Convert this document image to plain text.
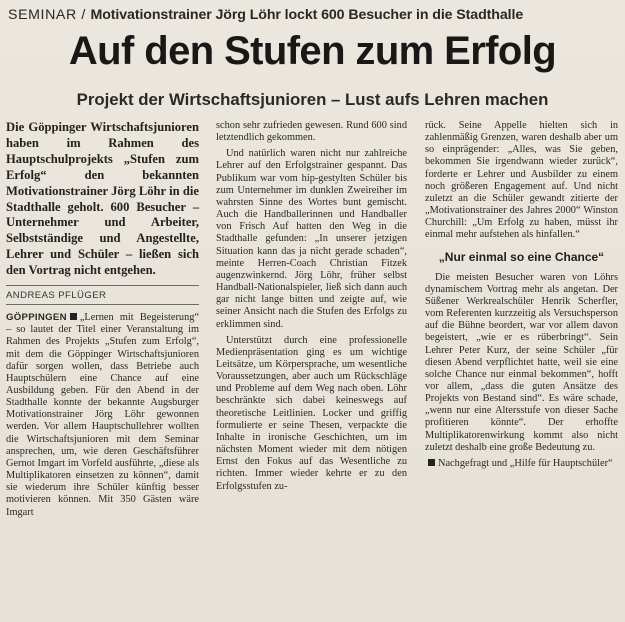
SEMINAR / Motivationstrainer Jörg Löhr lockt 600 Besucher in die Stadthalle
Auf den Stufen zum Erfolg
Projekt der Wirtschaftsjunioren – Lust aufs Lehren machen

Die Göppinger Wirtschaftsjunioren haben im Rahmen des Hauptschulprojekts „Stufen zum Erfolg“ den bekannten Motivationstrainer Jörg Löhr in die Stadthalle geholt. 600 Besucher – Unternehmer und Arbeiter, Selbstständige und Angestellte, Lehrer und Schüler – ließen sich den Vortrag nicht entgehen.

ANDREAS PFLÜGER

GÖPPINGEN „Lernen mit Begeisterung“ – so lautet der Titel einer Veranstaltung im Rahmen des Projekts „Stufen zum Erfolg“, mit dem die Göppinger Wirtschaftsjunioren dafür sorgen wollen, dass Betriebe auch Hauptschülern eine Chance auf eine Ausbildung geben. Für den Abend in der Stadthalle konnte der bekannte Augsburger Motivationstrainer Jörg Löhr gewonnen werden. Vor allem Hauptschullehrer wollten die Wirtschaftsjunioren mit dem Seminar ansprechen, um, wie deren Geschäftsführer Gernot Imgart im Vorfeld ausführte, „diese als Multiplikatoren einsetzen zu können“, damit sie wiederum ihre Schüler künftig besser motivieren können. Mit 350 Gästen wäre Imgart

schon sehr zufrieden gewesen. Rund 600 sind letztendlich gekommen.

Und natürlich waren nicht nur zahlreiche Lehrer auf den Erfolgstrainer gespannt. Das Publikum war vom hip-gestylten Schüler bis zum Unternehmer im dunklen Zweireiher im wahrsten Sinne des Wortes bunt gemischt. Auch die Handballerinnen und Handballer von Frisch Auf hatten den Weg in die Stadthalle gefunden: „In unserer jetzigen Situation kann das ja nicht gerade schaden“, meinte Herren-Coach Christian Fitzek augenzwinkernd. Jörg Löhr, früher selbst Handball-Nationalspieler, ließ sich dann auch gar nicht lange bitten und zeigte auf, wie seiner Ansicht nach die Stufen des Erfolgs zu erklimmen sind.

Unterstützt durch eine professionelle Medienpräsentation ging es um wichtige Leitsätze, um Körpersprache, um wesentliche Voraussetzungen, aber auch um Rückschläge und Probleme auf dem Weg nach oben. Löhr beschränkte sich dabei keineswegs auf theoretische Leitlinien. Locker und griffig formulierte er seine Thesen, verpackte die Inhalte in ironische Geschichten, um im nächsten Moment wieder mit dem nötigen Ernst den Fokus auf das Wesentliche zu richten. Immer wieder kehrte er zu den Erfolgsstufen zu-

rück. Seine Appelle hielten sich in zahlenmäßig Grenzen, waren deshalb aber um so einprägender: „Alles, was Sie geben, bekommen Sie irgendwann wieder zurück“, forderte er Lehrer und Ausbilder zu einem noch größeren Engagement auf. Und nicht zuletzt an die Schüler gewandt zitierte der „Motivationstrainer des Jahres 2000“ Winston Churchill: „Um Erfolg zu haben, müsst ihr einmal mehr aufstehen als hinfallen.“

„Nur einmal so eine Chance“

Die meisten Besucher waren von Löhrs dynamischem Vortrag mehr als angetan. Der Süßener Werkrealschüler Henrik Scherfler, vom Referenten kurzzeitig als Versuchsperson auf die Bühne beordert, war vor allem davon begeistert, „wie er es rüberbringt“. Sein Lehrer Peter Kurz, der seine Schüler „für diesen Abend verpflichtet hatte, weil sie eine solche Chance nur einmal bekommen“, hofft vor allem, „dass die guten Ansätze des Projekts von Bestand sind“. Es wäre schade, „wenn nur eine Altersstufe von dieser Sache profitieren könnte“. Der erhoffte Multiplikatorenwirkung kommt also nicht zuletzt deshalb eine große Bedeutung zu.

Nachgefragt und „Hilfe für Hauptschüler“
